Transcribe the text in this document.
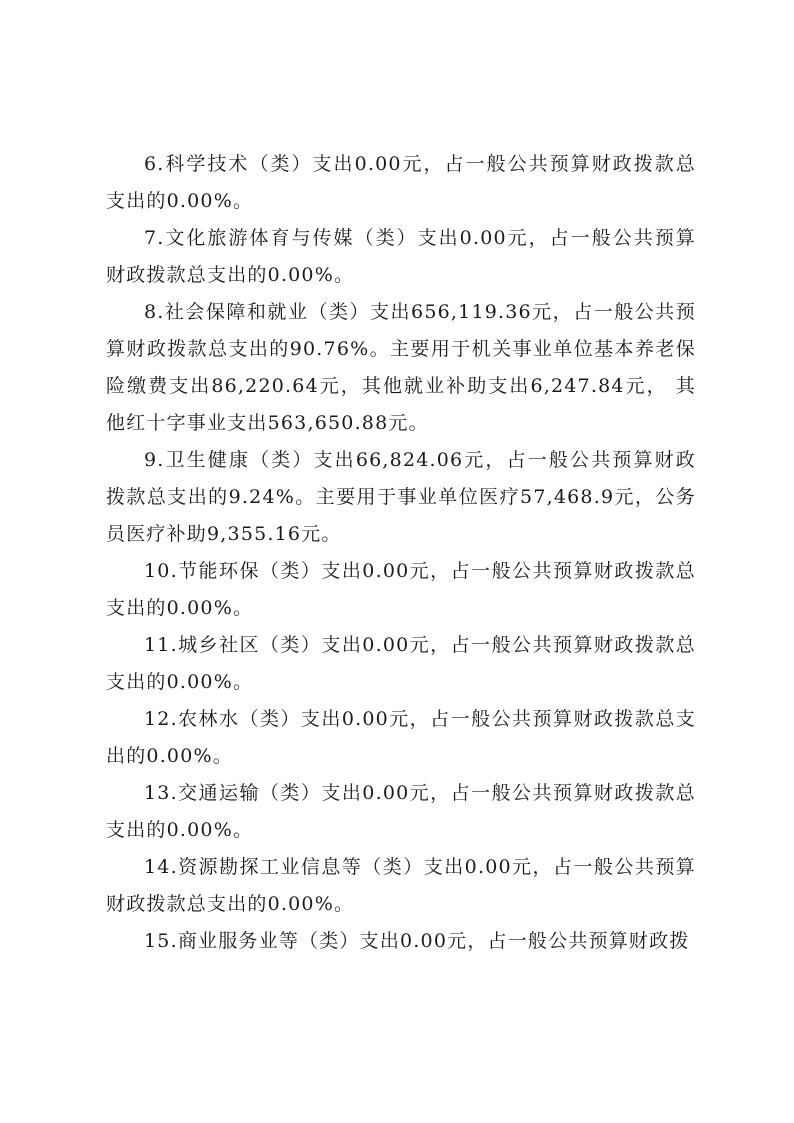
6.科学技术（类）支出0.00元，占一般公共预算财政拨款总支出的0.00%。

7.文化旅游体育与传媒（类）支出0.00元，占一般公共预算财政拨款总支出的0.00%。

8.社会保障和就业（类）支出656,119.36元，占一般公共预算财政拨款总支出的90.76%。主要用于机关事业单位基本养老保险缴费支出86,220.64元，其他就业补助支出6,247.84元， 其他红十字事业支出563,650.88元。

9.卫生健康（类）支出66,824.06元，占一般公共预算财政拨款总支出的9.24%。主要用于事业单位医疗57,468.9元，公务员医疗补助9,355.16元。

10.节能环保（类）支出0.00元，占一般公共预算财政拨款总支出的0.00%。

11.城乡社区（类）支出0.00元，占一般公共预算财政拨款总支出的0.00%。

12.农林水（类）支出0.00元，占一般公共预算财政拨款总支出的0.00%。

13.交通运输（类）支出0.00元，占一般公共预算财政拨款总支出的0.00%。

14.资源勘探工业信息等（类）支出0.00元，占一般公共预算财政拨款总支出的0.00%。

15.商业服务业等（类）支出0.00元，占一般公共预算财政拨
